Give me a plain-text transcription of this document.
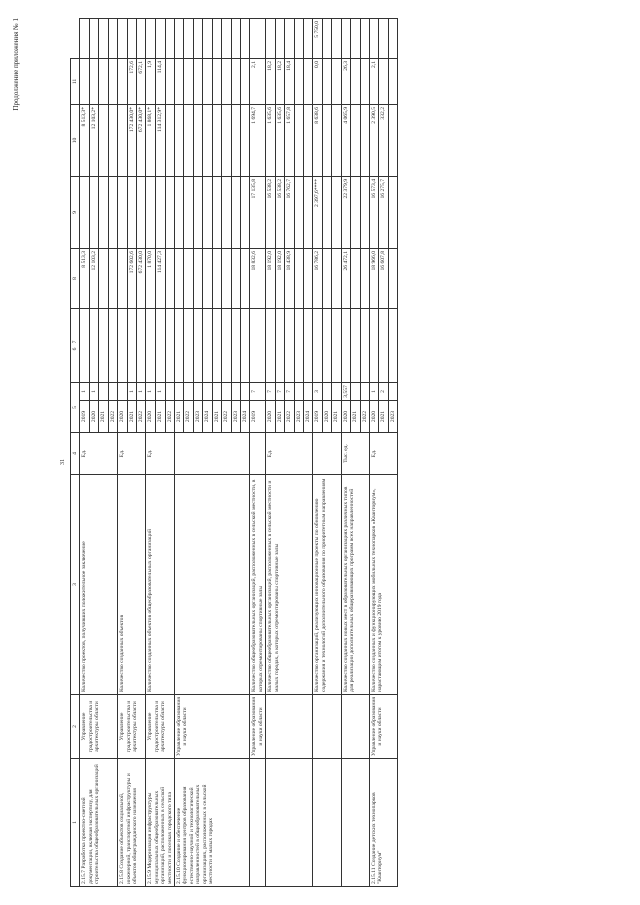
31
Продолжение приложения № 1
1	2	3	4	5		6   7	8	9	10	11	
2.15.7 Разработка проектно-сметной документации, включая экспертизу, для строительства общеобразовательных организаций	Управление градостроительства и архитектуры области	Количество проектов, получивших положительное заключение	Ед.	2019	1		8 513,3		8 513,3*		
				2020	1		12 103,2		12 103,2*		
				2021							
				2022							
2.15.8 Создание объектов социальной, инженерной, транспортной инфраструктуры и объектов общегражданского назначения	Управление градостроительства и архитектуры области	Количество созданных объектов	Ед.	2020							
				2021	1		172 602,6		172 430,0*	172,6	
				2022	1		672 430,0		672 430,0*	672,1	
2.15.9 Модернизация инфраструктуры муниципальных общеобразовательных организаций, расположенных в сельской местности и поселках городского типа	Управление градостроительства и архитектуры области	Количество созданных объектов общеобразовательных организаций	Ед.	2020	1		1 870,0		1 868,1*	1,9	
				2021	1		114 427,3		114 312,9*	114,4	
				2022							
2.15.10 Создание и обеспечение функционирования центров образования естественно-научной и технологической направленностей в общеобразовательных организациях, расположенных в сельской местности и малых городах	Управление образования и науки области			2021							
				2022							
				2023							
				2024							
				2021							
				2022							
				2023							
				2024							
	Управление образования и науки области	Количество общеобразовательных организаций, расположенных в сельской местности, в которых отремонтированы спортивные залы		2019	7		18 832,6	17 135,8	1 694,7	2,1	
		Количество общеобразовательных организаций, расположенных в сельской местности и малых городах, в которых отремонтированы спортивные залы	Ед.	2020	7		18 192,0	16 538,2	1 635,6	18,2	
				2021	7		18 192,0	16 538,2	1 635,6	18,2	
				2022	7		18 438,9	16 762,7	1 657,8	18,4	
				2023							
				2024							
		Количество организаций, реализующих инновационные проекты по обновлению содержания и технологий дополнительного образования по приоритетным направлениям		2019	3		16 786,2	2 397,6****	8 638,6	0,0	5 750,0
				2020							
				2021							
		Количество созданных новых мест в образовательных организациях различных типов для реализации дополнительных общеразвивающих программ всех направленностей	Тыс. ед.	2020	3,557		26 472,1	22 379,9	4 065,9	26,3	
				2021							
				2022							
2.15.11 Создание детских технопарков "Кванториум"	Управление образования и науки области	Количество созданных и функционирующих мобильных технопарков «Кванториум», нарастающим итогом к уровню 2019 года	Ед.	2020	1		18 966,0	16 573,4	2 390,5	2,1	
				2021	2		16 607,8	16 275,7	332,2		
				2023							
